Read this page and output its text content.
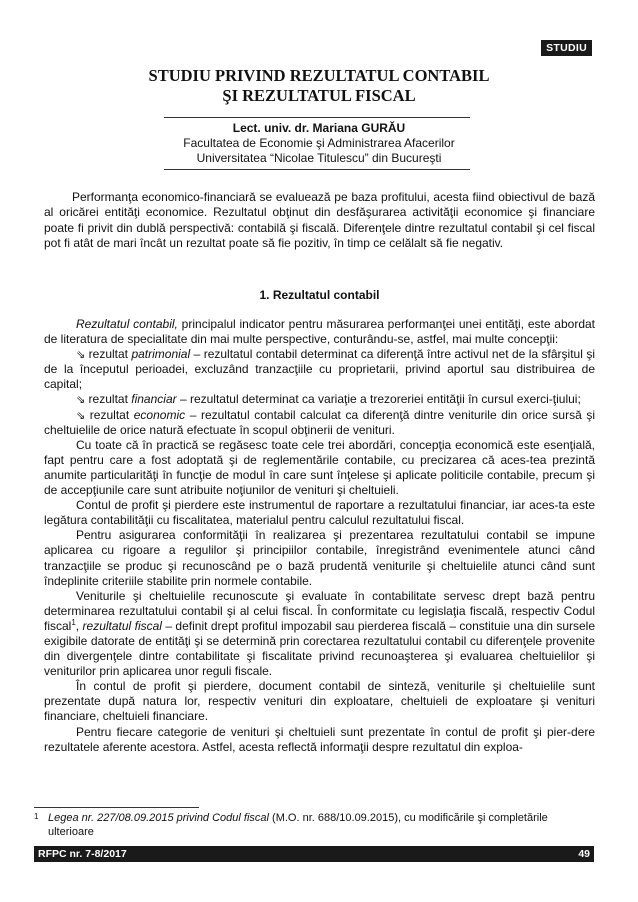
STUDIU
STUDIU PRIVIND REZULTATUL CONTABIL
ŞI REZULTATUL FISCAL
Lect. univ. dr. Mariana GURĂU
Facultatea de Economie şi Administrarea Afacerilor
Universitatea “Nicolae Titulescu” din Bucureşti

Performanţa economico-financiară se evaluează pe baza profitului, acesta fiind obiectivul de bază al oricărei entităţi economice. Rezultatul obţinut din desfăşurarea activităţii economice şi financiare poate fi privit din dublă perspectivă: contabilă şi fiscală. Diferenţele dintre rezultatul contabil şi cel fiscal pot fi atât de mari încât un rezultat poate să fie pozitiv, în timp ce celălalt să fie negativ.

1. Rezultatul contabil

Rezultatul contabil, principalul indicator pentru măsurarea performanţei unei entităţi, este abordat de literatura de specialitate din mai multe perspective, conturându-se, astfel, mai multe concepţii:

⇘ rezultat patrimonial – rezultatul contabil determinat ca diferenţă între activul net de la sfârşitul şi de la începutul perioadei, excluzând tranzacţiile cu proprietarii, privind aportul sau distribuirea de capital;

⇘ rezultat financiar – rezultatul determinat ca variaţie a trezoreriei entităţii în cursul exerci-ţiului;

⇘ rezultat economic – rezultatul contabil calculat ca diferenţă dintre veniturile din orice sursă şi cheltuielile de orice natură efectuate în scopul obţinerii de venituri.

Cu toate că în practică se regăsesc toate cele trei abordări, concepţia economică este esenţială, fapt pentru care a fost adoptată şi de reglementările contabile, cu precizarea că aces-tea prezintă anumite particularităţi în funcţie de modul în care sunt înţelese şi aplicate politicile contabile, precum şi de accepţiunile care sunt atribuite noţiunilor de venituri şi cheltuieli.

Contul de profit şi pierdere este instrumentul de raportare a rezultatului financiar, iar aces-ta este legătura contabilităţii cu fiscalitatea, materialul pentru calculul rezultatului fiscal.

Pentru asigurarea conformităţii în realizarea şi prezentarea rezultatului contabil se impune aplicarea cu rigoare a regulilor şi principiilor contabile, înregistrând evenimentele atunci când tranzacţiile se produc şi recunoscând pe o bază prudentă veniturile şi cheltuielile atunci când sunt îndeplinite criteriile stabilite prin normele contabile.

Veniturile şi cheltuielile recunoscute şi evaluate în contabilitate servesc drept bază pentru determinarea rezultatului contabil şi al celui fiscal. În conformitate cu legislaţia fiscală, respectiv Codul fiscal$^1$, rezultatul fiscal – definit drept profitul impozabil sau pierderea fiscală – constituie una din sursele exigibile datorate de entităţi şi se determină prin corectarea rezultatului contabil cu diferenţele provenite din divergenţele dintre contabilitate şi fiscalitate privind recunoaşterea şi evaluarea cheltuielilor şi veniturilor prin aplicarea unor reguli fiscale.

În contul de profit şi pierdere, document contabil de sinteză, veniturile şi cheltuielile sunt prezentate după natura lor, respectiv venituri din exploatare, cheltuieli de exploatare şi venituri financiare, cheltuieli financiare.

Pentru fiecare categorie de venituri şi cheltuieli sunt prezentate în contul de profit şi pier-dere rezultatele aferente acestora. Astfel, acesta reflectă informaţii despre rezultatul din exploa-

1 Legea nr. 227/08.09.2015 privind Codul fiscal (M.O. nr. 688/10.09.2015), cu modificările şi completările ulterioare
RFPC nr. 7-8/2017	49
